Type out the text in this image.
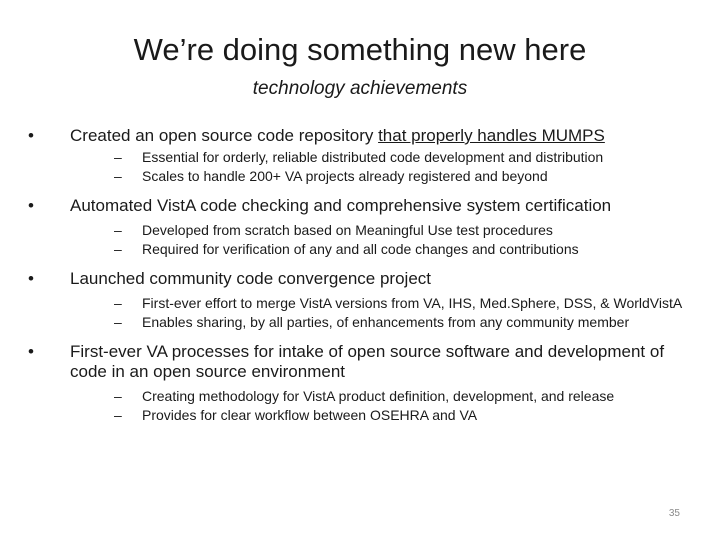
We’re doing something new here
technology achievements
•	Created an open source code repository that properly handles MUMPS
– Essential for orderly, reliable distributed code development and distribution
– Scales to handle 200+ VA projects already registered and beyond
•	Automated VistA code checking and comprehensive system certification
– Developed from scratch based on Meaningful Use test procedures
– Required for verification of any and all code changes and contributions
•	Launched community code convergence project
– First-ever effort to merge VistA versions from VA, IHS, Med.Sphere, DSS, & WorldVistA
– Enables sharing, by all parties, of enhancements from any community member
•	First-ever VA processes for intake of open source software and development of code in an open source environment
– Creating methodology for VistA product definition, development, and release
– Provides for clear workflow between OSEHRA and VA
35
